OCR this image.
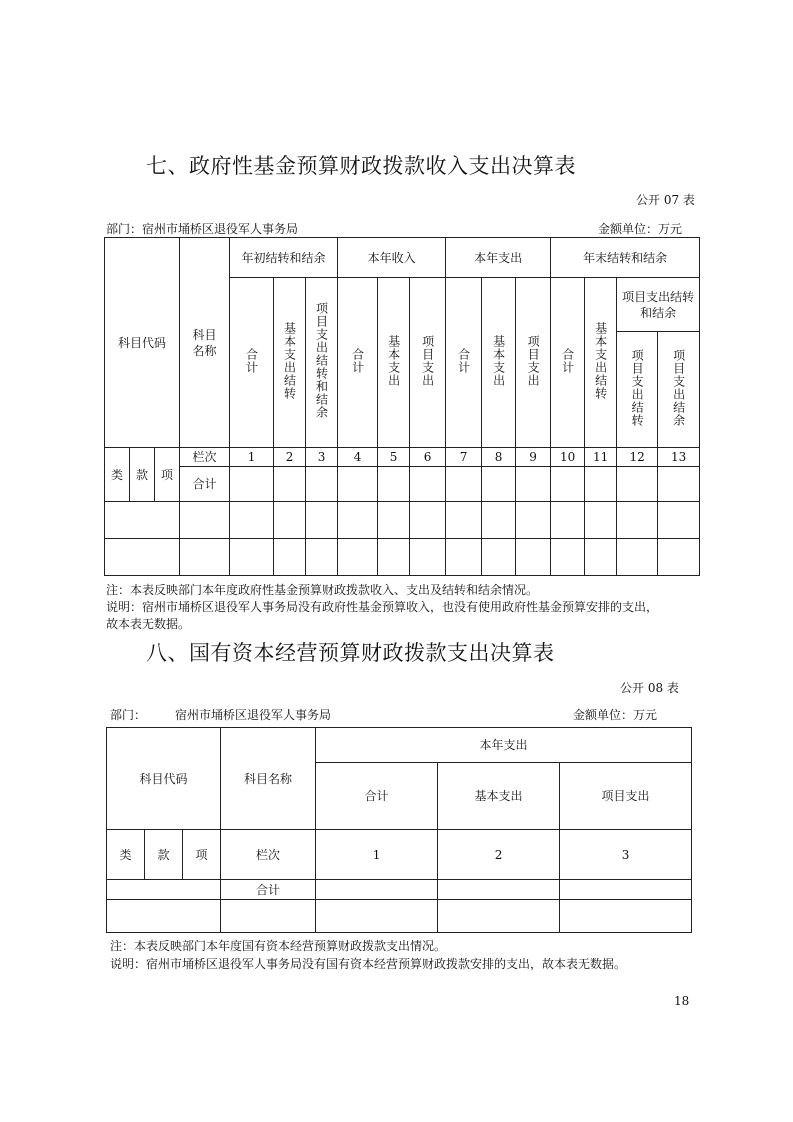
七、政府性基金预算财政拨款收入支出决算表
公开 07 表
部门：宿州市埇桥区退役军人事务局	金额单位：万元
科目代码			科目名称	年初结转和结余			本年收入			本年支出			年末结转和结余			
				合计	基本支出结转	项目支出结转和结余	合计	基本支出	项目支出	合计	基本支出	项目支出	合计	基本支出结转	项目支出结转和结余	
															项目支出结转	项目支出结余

类	款	项	栏次	1	2	3	4	5	6	7	8	9	10	11	12	13
			合计													

注：本表反映部门本年度政府性基金预算财政拨款收入、支出及结转和结余情况。
说明：宿州市埇桥区退役军人事务局没有政府性基金预算收入，也没有使用政府性基金预算安排的支出，
故本表无数据。
八、国有资本经营预算财政拨款支出决算表
公开 08 表
部门： 宿州市埇桥区退役军人事务局	金额单位：万元
科目代码			科目名称	本年支出		
				合计	基本支出	项目支出
类	款	项	栏次	1	2	3
			合计			

注：本表反映部门本年度国有资本经营预算财政拨款支出情况。
说明：宿州市埇桥区退役军人事务局没有国有资本经营预算财政拨款安排的支出，故本表无数据。
18
